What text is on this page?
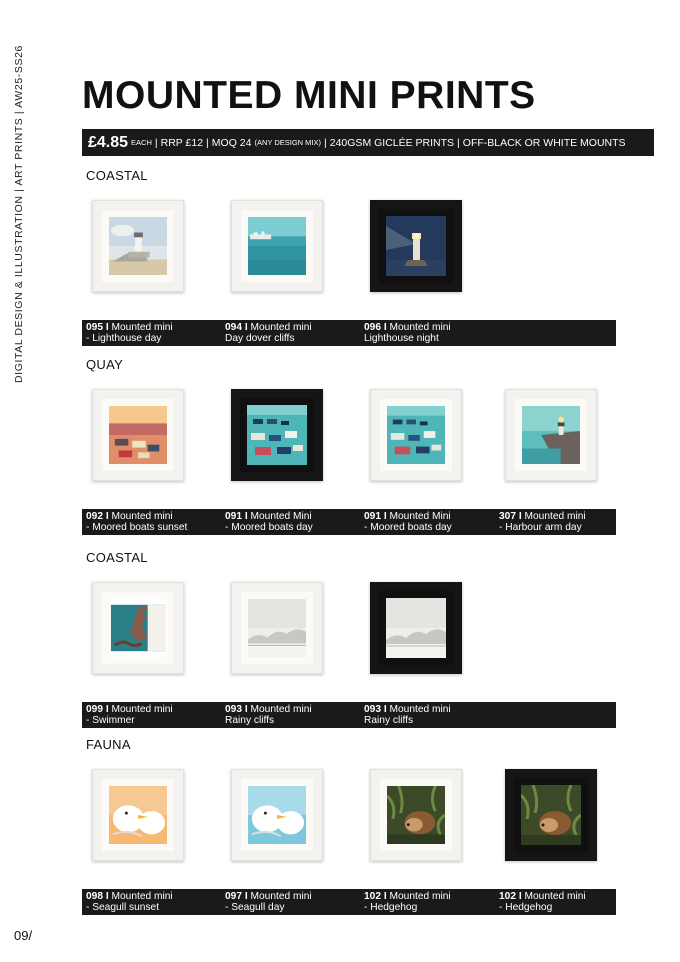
DIGITAL DESIGN & ILLUSTRATION | ART PRINTS | AW25-SS26 MOUNTED MINI PRINTS
£4.85 EACH | RRP £12 | MOQ 24 (ANY DESIGN MIX) | 240GSM GICLÉE PRINTS | OFF-BLACK OR WHITE MOUNTS
COASTAL
095 I Mounted mini
- Lighthouse day
094 I Mounted mini
Day dover cliffs
096 I Mounted mini
Lighthouse night
QUAY
092 I Mounted mini
- Moored boats sunset
091 I Mounted Mini
- Moored boats day
091 I Mounted Mini
- Moored boats day
307 I Mounted mini
- Harbour arm day
COASTAL
099 I Mounted mini
- Swimmer
093 I Mounted mini
Rainy cliffs
093 I Mounted mini
Rainy cliffs
FAUNA
098 I Mounted mini
- Seagull sunset
097 I Mounted mini
- Seagull day
102 I Mounted mini
- Hedgehog
102 I Mounted mini
- Hedgehog
09/
